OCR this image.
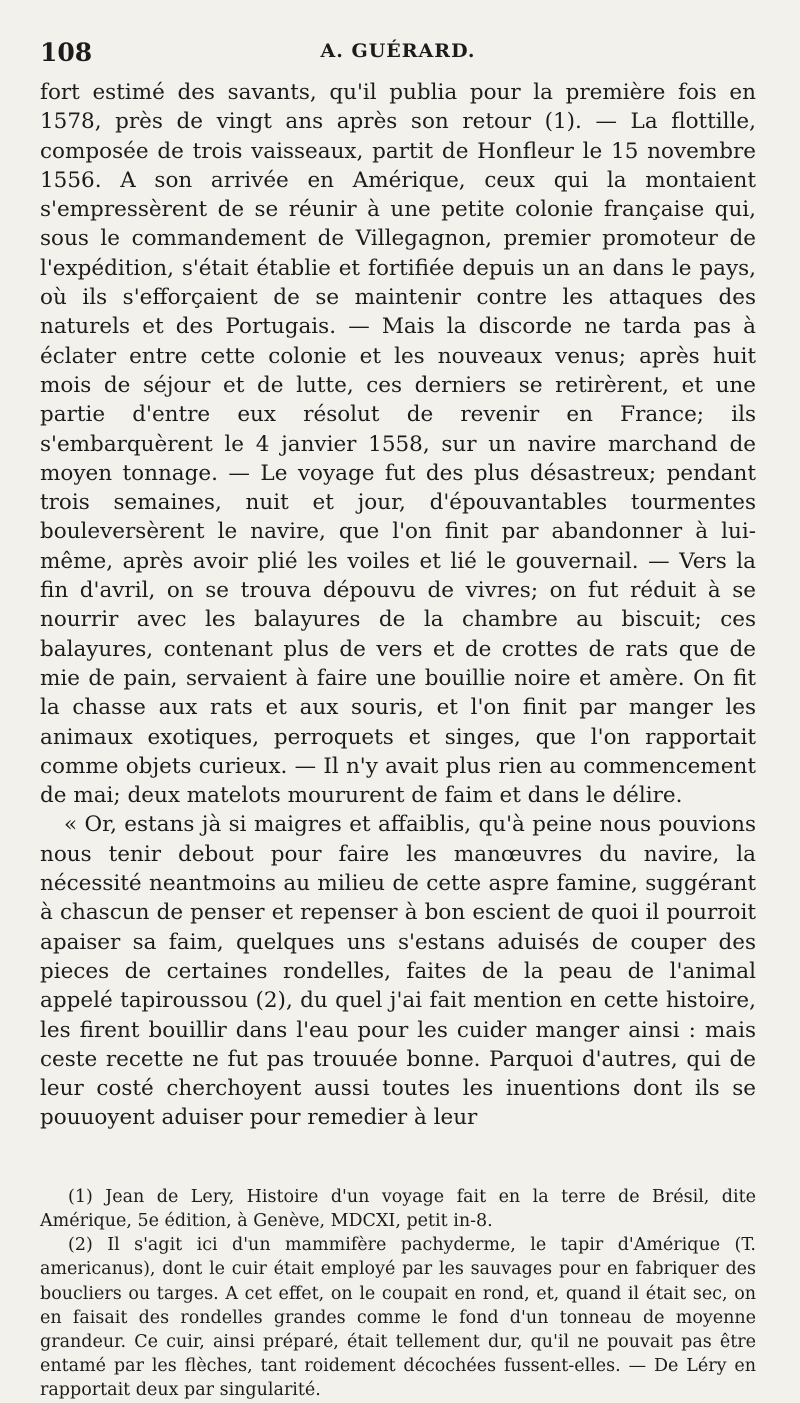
108	A. GUÉRARD.

fort estimé des savants, qu'il publia pour la première fois en 1578, près de vingt ans après son retour (1). — La flottille, composée de trois vaisseaux, partit de Honfleur le 15 novembre 1556. A son arrivée en Amérique, ceux qui la montaient s'empressèrent de se réunir à une petite colonie française qui, sous le commandement de Villegagnon, premier promoteur de l'expédition, s'était établie et fortifiée depuis un an dans le pays, où ils s'efforçaient de se maintenir contre les attaques des naturels et des Portugais. — Mais la discorde ne tarda pas à éclater entre cette colonie et les nouveaux venus; après huit mois de séjour et de lutte, ces derniers se retirèrent, et une partie d'entre eux résolut de revenir en France; ils s'embarquèrent le 4 janvier 1558, sur un navire marchand de moyen tonnage. — Le voyage fut des plus désastreux; pendant trois semaines, nuit et jour, d'épouvantables tourmentes bouleversèrent le navire, que l'on finit par abandonner à lui-même, après avoir plié les voiles et lié le gouvernail. — Vers la fin d'avril, on se trouva dépouvu de vivres; on fut réduit à se nourrir avec les balayures de la chambre au biscuit; ces balayures, contenant plus de vers et de crottes de rats que de mie de pain, servaient à faire une bouillie noire et amère. On fit la chasse aux rats et aux souris, et l'on finit par manger les animaux exotiques, perroquets et singes, que l'on rapportait comme objets curieux. — Il n'y avait plus rien au commencement de mai; deux matelots moururent de faim et dans le délire.

« Or, estans jà si maigres et affaiblis, qu'à peine nous pouvions nous tenir debout pour faire les manœuvres du navire, la nécessité neantmoins au milieu de cette aspre famine, suggérant à chascun de penser et repenser à bon escient de quoi il pourroit apaiser sa faim, quelques uns s'estans aduisés de couper des pieces de certaines rondelles, faites de la peau de l'animal appelé tapiroussou (2), du quel j'ai fait mention en cette histoire, les firent bouillir dans l'eau pour les cuider manger ainsi : mais ceste recette ne fut pas trouuée bonne. Parquoi d'autres, qui de leur costé cherchoyent aussi toutes les inuentions dont ils se pouuoyent aduiser pour remedier à leur

(1) Jean de Lery, Histoire d'un voyage fait en la terre de Brésil, dite Amérique, 5e édition, à Genève, MDCXI, petit in-8.

(2) Il s'agit ici d'un mammifère pachyderme, le tapir d'Amérique (T. americanus), dont le cuir était employé par les sauvages pour en fabriquer des boucliers ou targes. A cet effet, on le coupait en rond, et, quand il était sec, on en faisait des rondelles grandes comme le fond d'un tonneau de moyenne grandeur. Ce cuir, ainsi préparé, était tellement dur, qu'il ne pouvait pas être entamé par les flèches, tant roidement décochées fussent-elles. — De Léry en rapportait deux par singularité.
